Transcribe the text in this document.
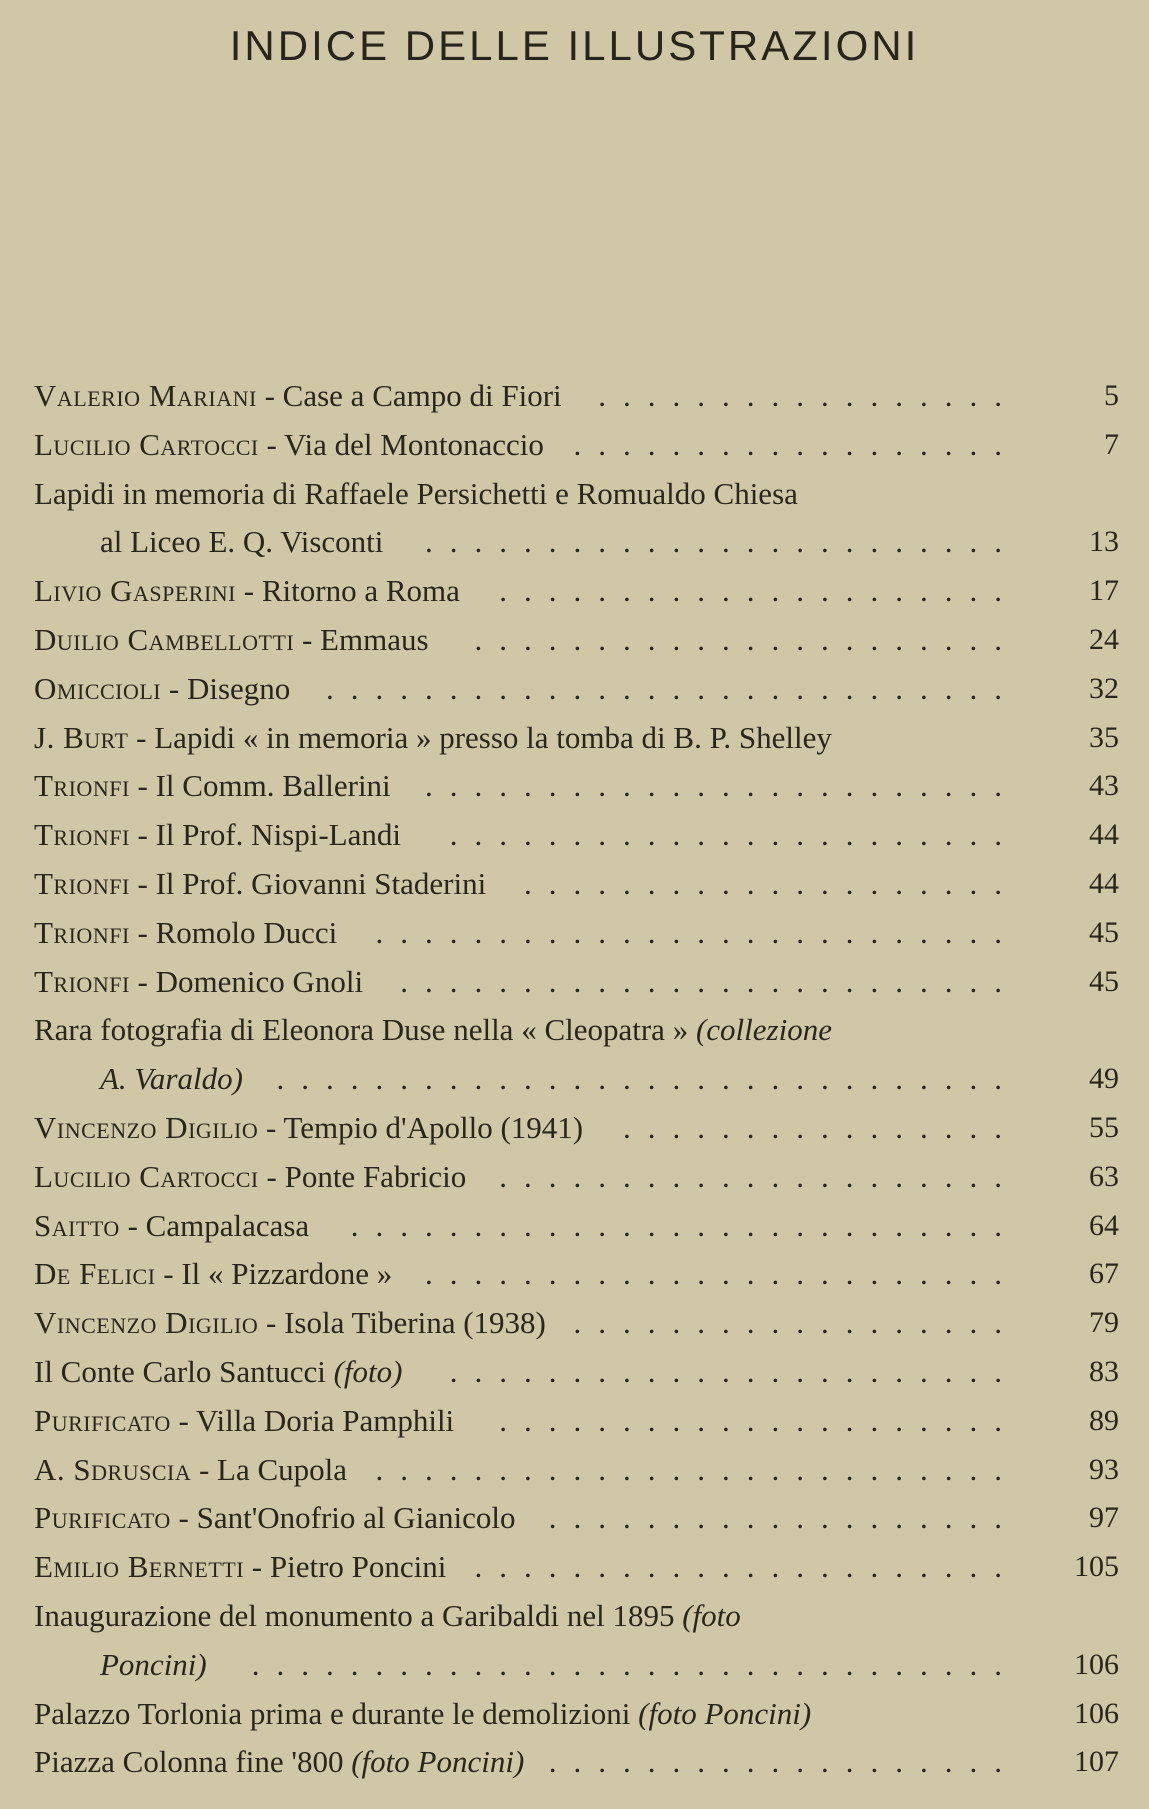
INDICE DELLE ILLUSTRAZIONI
Valerio Mariani - Case a Campo di Fiori .................	5
Lucilio Cartocci - Via del Montonaccio ..................	7
Lapidi in memoria di Raffaele Persichetti e Romualdo Chiesa
al Liceo E. Q. Visconti ........................ 13
Livio Gasperini - Ritorno a Roma ..................... 17
Duilio Cambellotti - Emmaus ...................... 24
Omiccioli - Disegno ............................ 32
J. Burt - Lapidi « in memoria » presso la tomba di B. P. Shelley	35
Trionfi - Il Comm. Ballerini ........................ 43
Trionfi - Il Prof. Nispi-Landi ....................... 44
Trionfi - Il Prof. Giovanni Staderini .................... 44
Trionfi - Romolo Ducci .......................... 45
Trionfi - Domenico Gnoli ......................... 45
Rara fotografia di Eleonora Duse nella « Cleopatra » (collezione
A. Varaldo) .............................. 49
Vincenzo Digilio - Tempio d'Apollo (1941) ................ 55
Lucilio Cartocci - Ponte Fabricio ..................... 63
Saitto - Campalacasa ........................... 64
De Felici - Il « Pizzardone » ........................ 67
Vincenzo Digilio - Isola Tiberina (1938) .................. 79
Il Conte Carlo Santucci (foto) ....................... 83
Purificato - Villa Doria Pamphili ..................... 89
A. Sdruscia - La Cupola .......................... 93
Purificato - Sant'Onofrio al Gianicolo ................... 97
Emilio Bernetti - Pietro Poncini ...................... 105
Inaugurazione del monumento a Garibaldi nel 1895 (foto
Poncini) ............................... 106
Palazzo Torlonia prima e durante le demolizioni (foto Poncini)	106
Piazza Colonna fine '800 (foto Poncini) ................... 107
